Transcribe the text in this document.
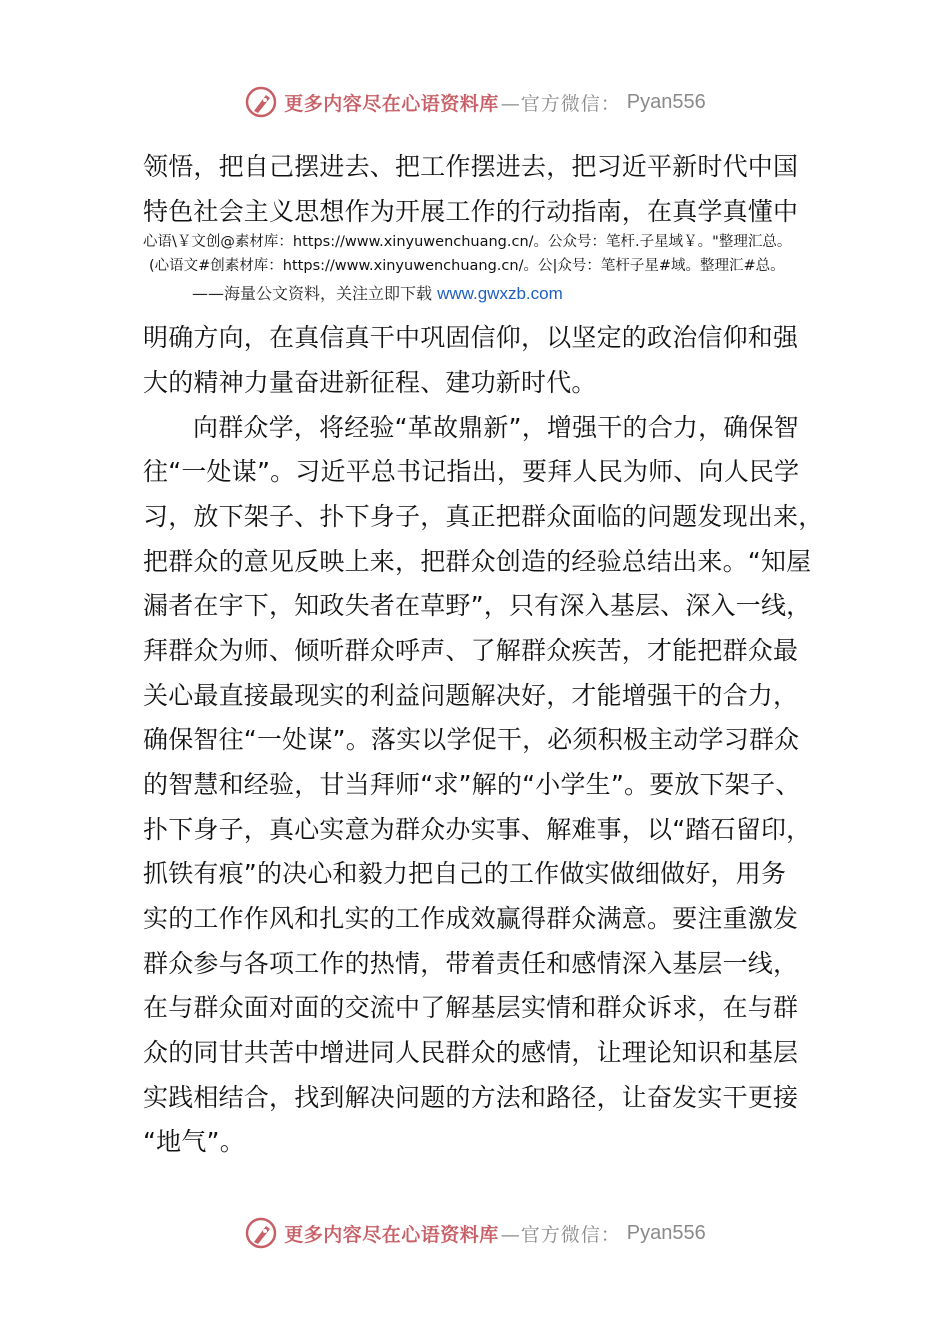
更多内容尽在心语资料库 —官方微信： Pyan556
领悟，把自己摆进去、把工作摆进去，把习近平新时代中国
特色社会主义思想作为开展工作的行动指南，在真学真懂中
心语\￥文创@素材库：https://www.xinyuwenchuang.cn/。公众号：笔杆.子星域￥。"整理汇总。
(心语文#创素材库：https://www.xinyuwenchuang.cn/。公|众号：笔杆子星#域。整理汇#总。
——海量公文资料，关注立即下载 www.gwxzb.com
明确方向，在真信真干中巩固信仰，以坚定的政治信仰和强
大的精神力量奋进新征程、建功新时代。
向群众学，将经验“革故鼎新”，增强干的合力，确保智
往“一处谋”。习近平总书记指出，要拜人民为师、向人民学
习，放下架子、扑下身子，真正把群众面临的问题发现出来，
把群众的意见反映上来，把群众创造的经验总结出来。“知屋
漏者在宇下，知政失者在草野”，只有深入基层、深入一线，
拜群众为师、倾听群众呼声、了解群众疾苦，才能把群众最
关心最直接最现实的利益问题解决好，才能增强干的合力，
确保智往“一处谋”。落实以学促干，必须积极主动学习群众
的智慧和经验，甘当拜师“求”解的“小学生”。要放下架子、
扑下身子，真心实意为群众办实事、解难事，以“踏石留印，
抓铁有痕”的决心和毅力把自己的工作做实做细做好，用务
实的工作作风和扎实的工作成效赢得群众满意。要注重激发
群众参与各项工作的热情，带着责任和感情深入基层一线，
在与群众面对面的交流中了解基层实情和群众诉求，在与群
众的同甘共苦中增进同人民群众的感情，让理论知识和基层
实践相结合，找到解决问题的方法和路径，让奋发实干更接
“地气”。
更多内容尽在心语资料库 —官方微信： Pyan556
